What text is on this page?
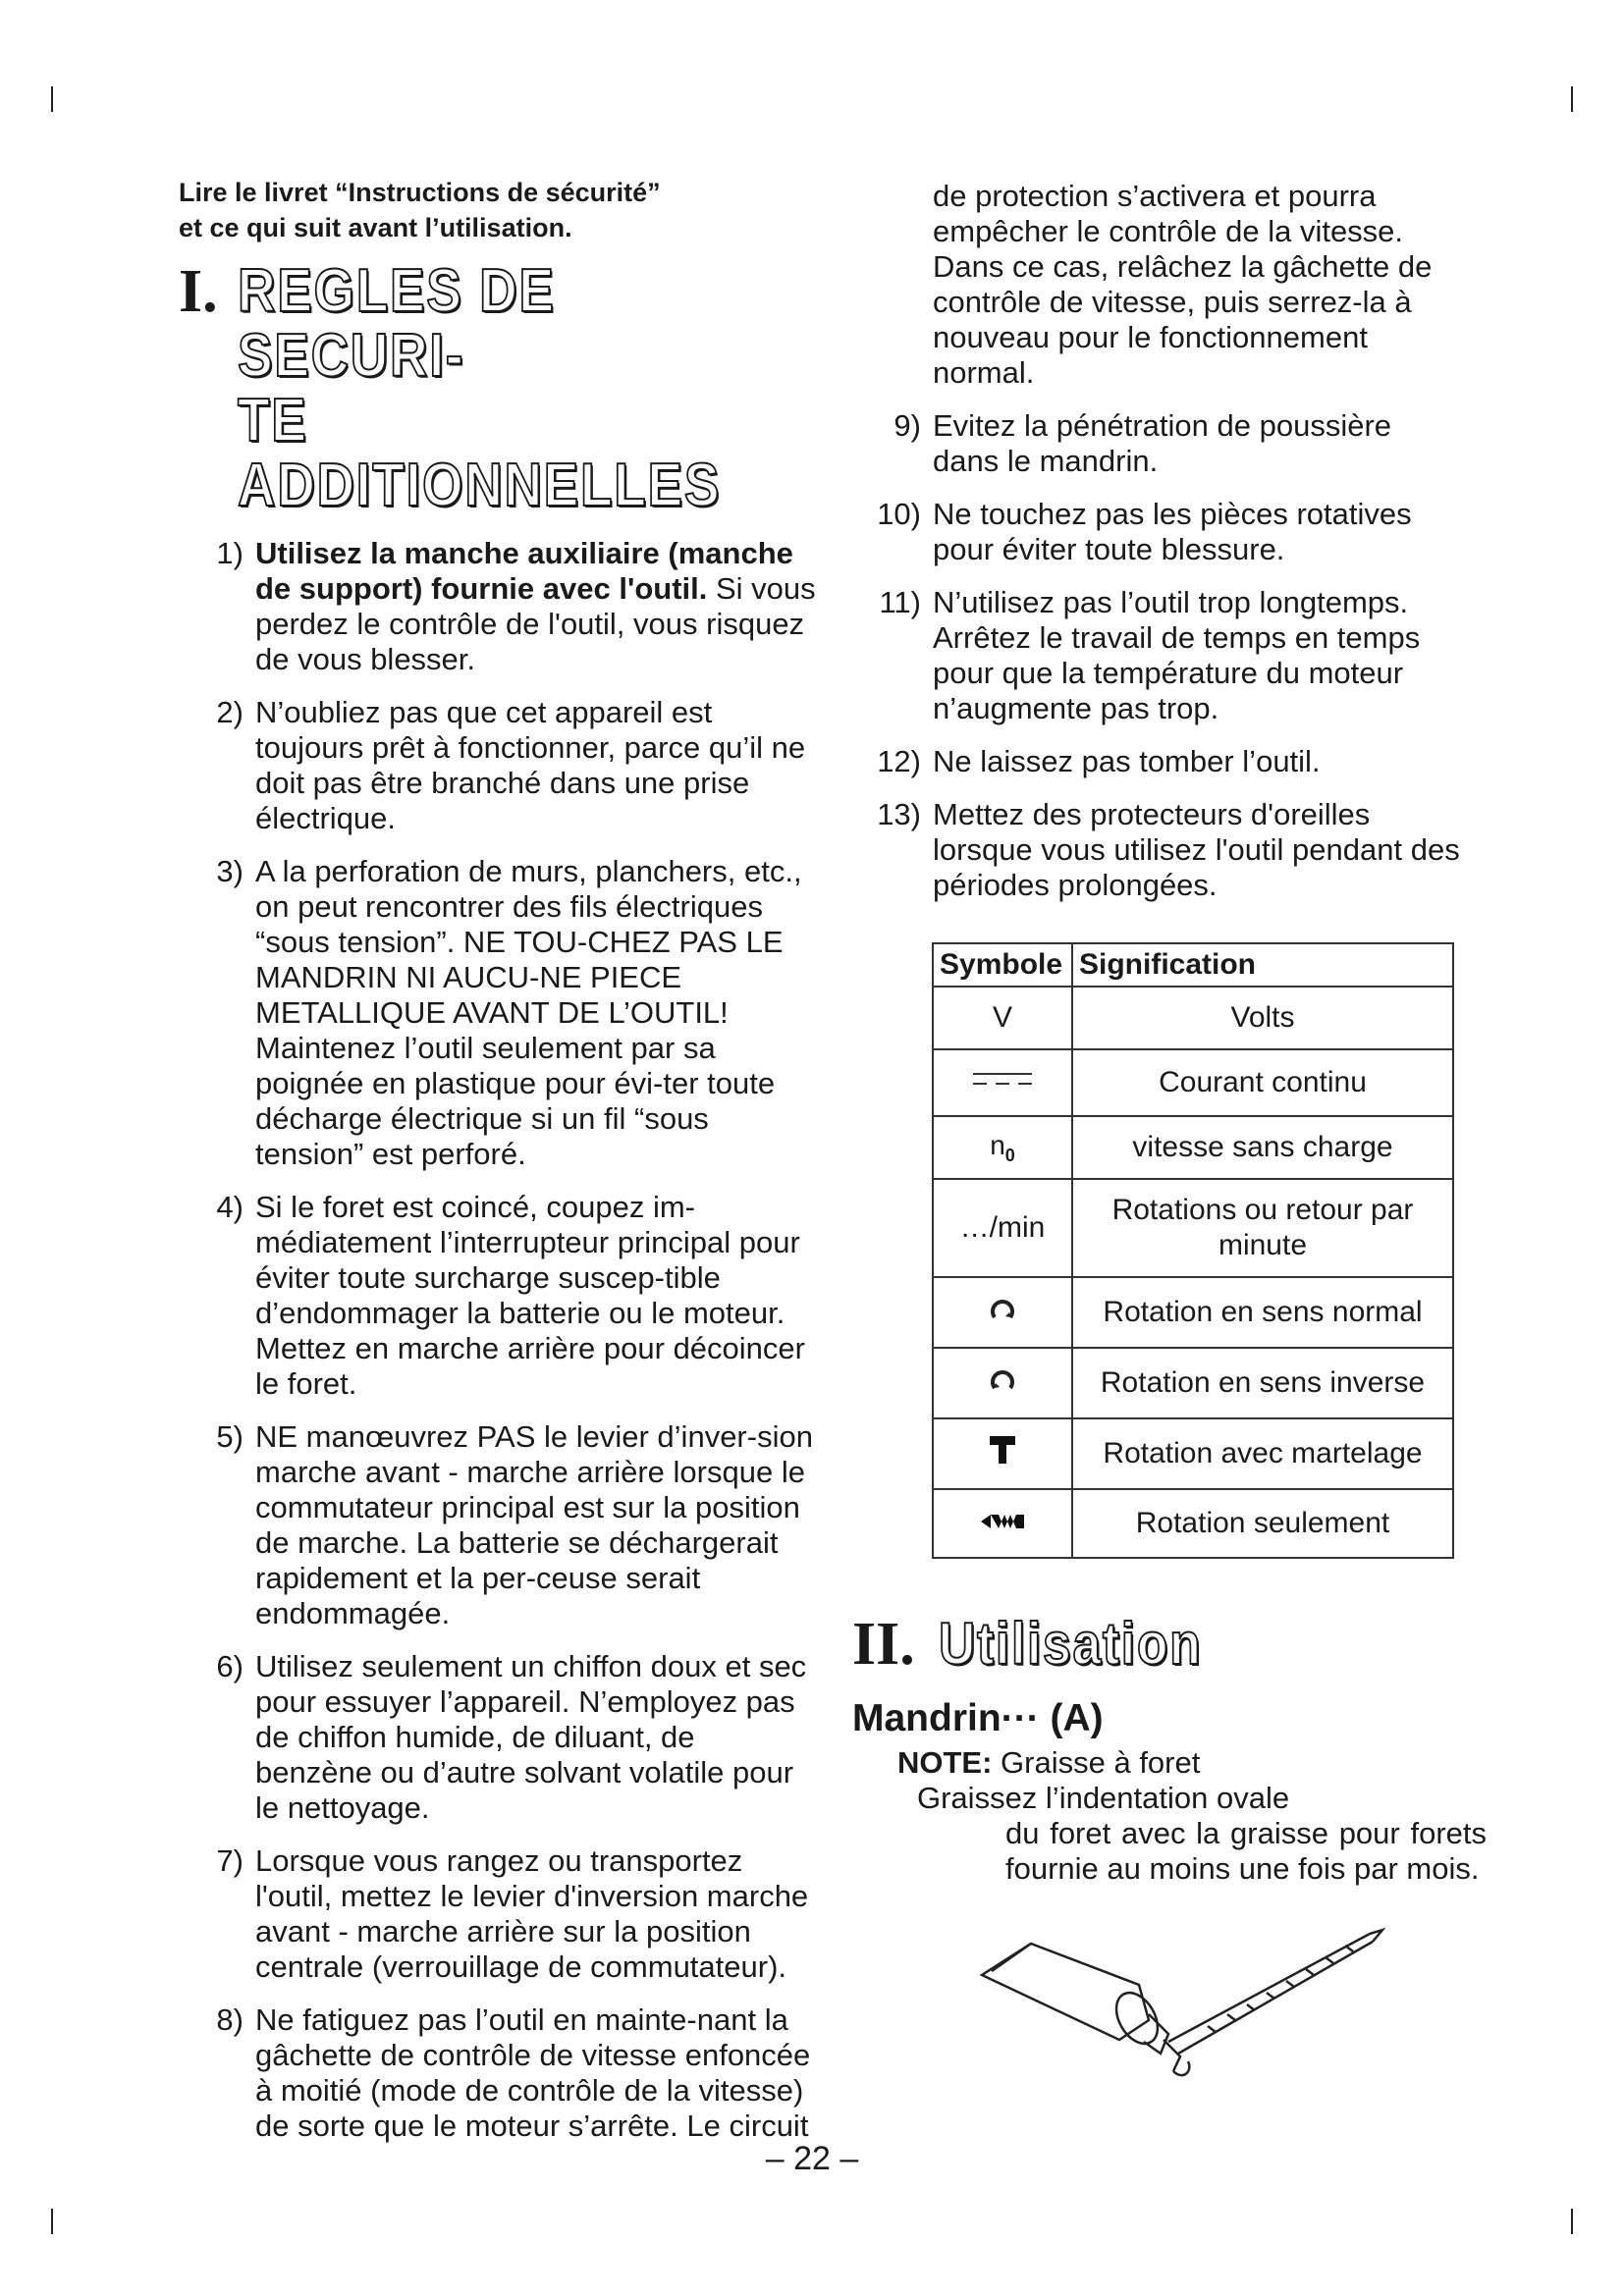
Lire le livret “Instructions de sécurité”
et ce qui suit avant l’utilisation.

I. REGLES DE SECURI-
TE ADDITIONNELLES
1) Utilisez la manche auxiliaire (manche de support) fournie avec l'outil. Si vous perdez le contrôle de l'outil, vous risquez de vous blesser.
2) N’oubliez pas que cet appareil est toujours prêt à fonctionner, parce qu’il ne doit pas être branché dans une prise électrique.
3) A la perforation de murs, planchers, etc., on peut rencontrer des fils électriques “sous tension”. NE TOU-CHEZ PAS LE MANDRIN NI AUCU-NE PIECE METALLIQUE AVANT DE L’OUTIL! Maintenez l’outil seulement par sa poignée en plastique pour évi-ter toute décharge électrique si un fil “sous tension” est perforé.
4) Si le foret est coincé, coupez im-médiatement l’interrupteur principal pour éviter toute surcharge suscep-tible d’endommager la batterie ou le moteur. Mettez en marche arrière pour décoincer le foret.
5) NE manœuvrez PAS le levier d’inver-sion marche avant - marche arrière lorsque le commutateur principal est sur la position de marche. La batterie se déchargerait rapidement et la per-ceuse serait endommagée.
6) Utilisez seulement un chiffon doux et sec pour essuyer l’appareil. N’employez pas de chiffon humide, de diluant, de benzène ou d’autre solvant volatile pour le nettoyage.
7) Lorsque vous rangez ou transportez l'outil, mettez le levier d'inversion marche avant - marche arrière sur la position centrale (verrouillage de commutateur).
8) Ne fatiguez pas l’outil en mainte-nant la gâchette de contrôle de vitesse enfoncée à moitié (mode de contrôle de la vitesse) de sorte que le moteur s’arrête. Le circuit

de protection s’activera et pourra empêcher le contrôle de la vitesse. Dans ce cas, relâchez la gâchette de contrôle de vitesse, puis serrez-la à nouveau pour le fonctionnement normal.

9) Evitez la pénétration de poussière dans le mandrin.
10) Ne touchez pas les pièces rotatives pour éviter toute blessure.
11) N’utilisez pas l’outil trop longtemps. Arrêtez le travail de temps en temps pour que la température du moteur n’augmente pas trop.
12) Ne laissez pas tomber l’outil.
13) Mettez des protecteurs d'oreilles lorsque vous utilisez l'outil pendant des périodes prolongées.
Symbole	Signification
V	Volts
	Courant continu
$n_0$	vitesse sans charge
…/min	Rotations ou retour par minute
	Rotation en sens normal
	Rotation en sens inverse
	Rotation avec martelage
	Rotation seulement
II. Utilisation
Mandrin··· (A)
NOTE: Graisse à foret
Graissez l’indentation ovale
du foret avec la graisse pour forets fournie au moins une fois par mois.
– 22 –
